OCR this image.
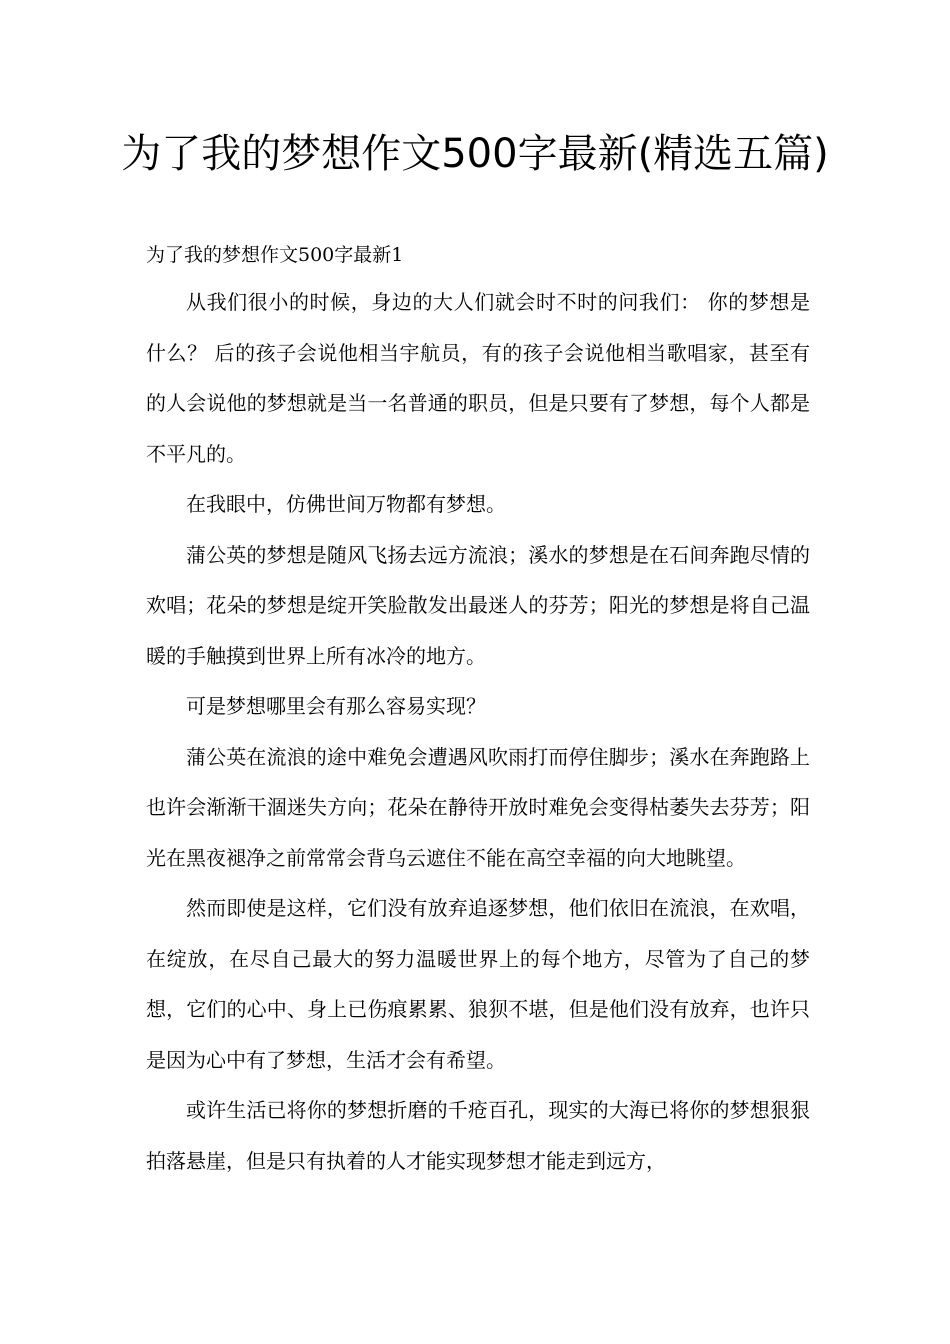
为了我的梦想作文500字最新(精选五篇)

为了我的梦想作文500字最新1

从我们很小的时候，身边的大人们就会时不时的问我们： 你的梦想是什么？ 后的孩子会说他相当宇航员，有的孩子会说他相当歌唱家，甚至有的人会说他的梦想就是当一名普通的职员，但是只要有了梦想，每个人都是不平凡的。

在我眼中，仿佛世间万物都有梦想。

蒲公英的梦想是随风飞扬去远方流浪；溪水的梦想是在石间奔跑尽情的欢唱；花朵的梦想是绽开笑脸散发出最迷人的芬芳；阳光的梦想是将自己温暖的手触摸到世界上所有冰冷的地方。

可是梦想哪里会有那么容易实现？

蒲公英在流浪的途中难免会遭遇风吹雨打而停住脚步；溪水在奔跑路上也许会渐渐干涸迷失方向；花朵在静待开放时难免会变得枯萎失去芬芳；阳光在黑夜褪净之前常常会背乌云遮住不能在高空幸福的向大地眺望。

然而即使是这样，它们没有放弃追逐梦想，他们依旧在流浪，在欢唱，在绽放，在尽自己最大的努力温暖世界上的每个地方，尽管为了自己的梦想，它们的心中、身上已伤痕累累、狼狈不堪，但是他们没有放弃，也许只是因为心中有了梦想，生活才会有希望。

或许生活已将你的梦想折磨的千疮百孔，现实的大海已将你的梦想狠狠拍落悬崖，但是只有执着的人才能实现梦想才能走到远方，
